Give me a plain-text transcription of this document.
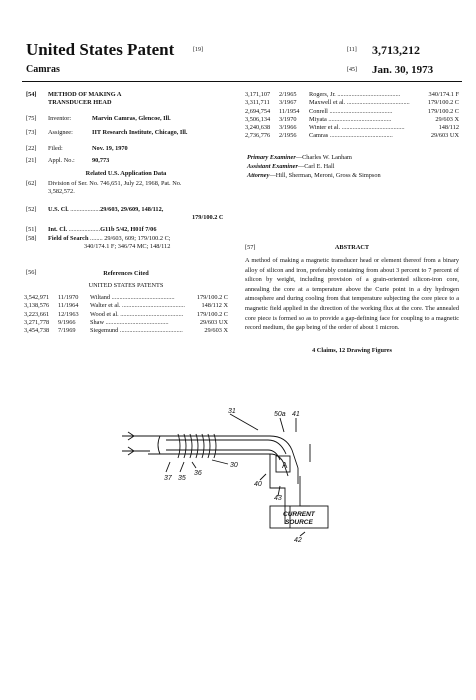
United States Patent	[19]
Camras
[11] 3,713,212
[45] Jan. 30, 1973
[54] METHOD OF MAKING A
TRANSDUCER HEAD
[75] Inventor:	Marvin Camras, Glencoe, Ill.
[73] Assignee:	IIT Research Institute, Chicago, Ill.
[22] Filed:	Nov. 19, 1970
[21] Appl. No.:	90,773
Related U.S. Application Data
[62] Division of Ser. No. 746,651, July 22, 1968, Pat. No.
3,582,572.
[52] U.S. Cl. ...................29/603, 29/609, 148/112,
179/100.2 C
[51] Int. Cl. ....................G11b 5/42, H01f 7/06
[58] Field of Search ........ 29/603, 609; 179/100.2 C;
340/174.1 F; 346/74 MC; 148/112
[56]	References Cited
UNITED STATES PATENTS
3,542,971	11/1970	Wiltand ........................................	179/100.2 C
3,138,576	11/1964	Walter et al. ........................................	148/112 X
3,223,661	12/1963	Wood et al. ........................................	179/100.2 C
3,271,778	9/1966	Shaw ........................................	29/603 UX
3,454,738	7/1969	Siegemund ........................................	29/603 X
3,171,107	2/1965	Rogers, Jr. ........................................	340/174.1 F
3,311,711	3/1967	Maxwell et al. ........................................	179/100.2 C
2,694,754	11/1954	Conrell ........................................	179/100.2 C
3,506,134	3/1970	Miyata ........................................	29/603 X
3,240,638	3/1966	Winter et al. ........................................	148/112
2,736,776	2/1956	Camras ........................................	29/603 UX
Primary Examiner—Charles W. Lanham
Assistant Examiner—Carl E. Hall
Attorney—Hill, Sherman, Meroni, Gross & Simpson
[57]	ABSTRACT
A method of making a magnetic transducer head or element thereof from a binary alloy of silicon and iron, preferably containing from about 3 percent to 7 percent of silicon by weight, including provision of a grain-oriented silicon-iron core, annealing the core at a temperature above the Curie point in a dry hydrogen atmosphere and during cooling from that temperature subjecting the core piece to a magnetic field applied in the direction of the working flux at the core. The annealed core piece is formed so as to provide a gap-defining face for coupling to a magnetic record medium, the gap being of the order of about 1 micron.
4 Claims, 12 Drawing Figures
31	50a 41
30
36
37 35
40
43
A
CURRENT
SOURCE
42
